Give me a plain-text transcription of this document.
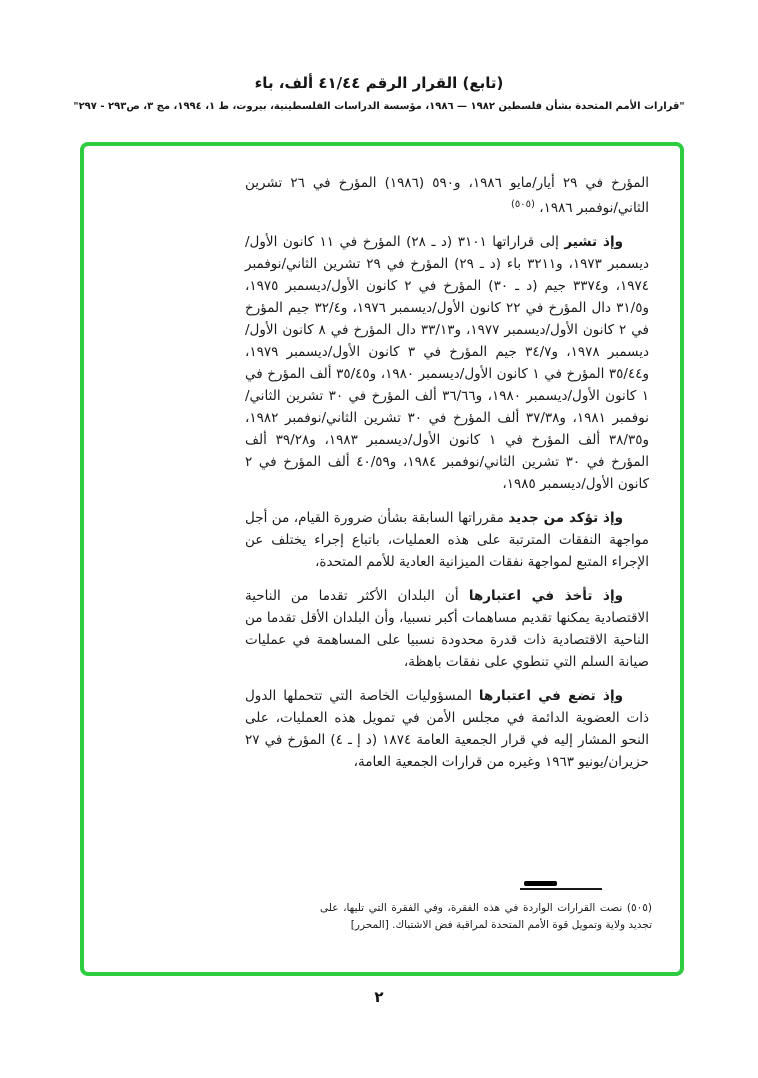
(تابع) القرار الرقم ٤١/٤٤ ألف، باء
"قرارات الأمم المتحدة بشأن فلسطين ١٩٨٢ — ١٩٨٦، مؤسسة الدراسات الفلسطينية، بيروت، ط ١، ١٩٩٤، مج ٣، ص٢٩٣ - ٢٩٧"

المؤرخ في ٢٩ أيار/مايو ١٩٨٦، و٥٩٠ (١٩٨٦) المؤرخ في ٢٦ تشرين الثاني/نوفمبر ١٩٨٦، $^{(٥٠٥)}$

وإذ تشير إلى قراراتها ٣١٠١ (د ـ ٢٨) المؤرخ في ١١ كانون الأول/ديسمبر ١٩٧٣، و٣٢١١ باء (د ـ ٢٩) المؤرخ في ٢٩ تشرين الثاني/نوفمبر ١٩٧٤، و٣٣٧٤ جيم (د ـ ٣٠) المؤرخ في ٢ كانون الأول/ديسمبر ١٩٧٥، و٣١/٥ دال المؤرخ في ٢٢ كانون الأول/ديسمبر ١٩٧٦، و٣٢/٤ جيم المؤرخ في ٢ كانون الأول/ديسمبر ١٩٧٧، و٣٣/١٣ دال المؤرخ في ٨ كانون الأول/ديسمبر ١٩٧٨، و٣٤/٧ جيم المؤرخ في ٣ كانون الأول/ديسمبر ١٩٧٩، و٣٥/٤٤ المؤرخ في ١ كانون الأول/ديسمبر ١٩٨٠، و٣٥/٤٥ ألف المؤرخ في ١ كانون الأول/ديسمبر ١٩٨٠، و٣٦/٦٦ ألف المؤرخ في ٣٠ تشرين الثاني/نوفمبر ١٩٨١، و٣٧/٣٨ ألف المؤرخ في ٣٠ تشرين الثاني/نوفمبر ١٩٨٢، و٣٨/٣٥ ألف المؤرخ في ١ كانون الأول/ديسمبر ١٩٨٣، و٣٩/٢٨ ألف المؤرخ في ٣٠ تشرين الثاني/نوفمبر ١٩٨٤، و٤٠/٥٩ ألف المؤرخ في ٢ كانون الأول/ديسمبر ١٩٨٥،

وإذ تؤكد من جديد مقرراتها السابقة بشأن ضرورة القيام، من أجل مواجهة النفقات المترتبة على هذه العمليات، باتباع إجراء يختلف عن الإجراء المتبع لمواجهة نفقات الميزانية العادية للأمم المتحدة،

وإذ تأخذ في اعتبارها أن البلدان الأكثر تقدما من الناحية الاقتصادية يمكنها تقديم مساهمات أكبر نسبيا، وأن البلدان الأقل تقدما من الناحية الاقتصادية ذات قدرة محدودة نسبيا على المساهمة في عمليات صيانة السلم التي تنطوي على نفقات باهظة،

وإذ تضع في اعتبارها المسؤوليات الخاصة التي تتحملها الدول ذات العضوية الدائمة في مجلس الأمن في تمويل هذه العمليات، على النحو المشار إليه في قرار الجمعية العامة ١٨٧٤ (د إ ـ ٤) المؤرخ في ٢٧ حزيران/يونيو ١٩٦٣ وغيره من قرارات الجمعية العامة،

(٥٠٥) نصت القرارات الواردة في هذه الفقرة، وفي الفقرة التي تليها، على تجديد ولاية وتمويل قوة الأمم المتحدة لمراقبة فض الاشتباك. [المحرر]
٢
